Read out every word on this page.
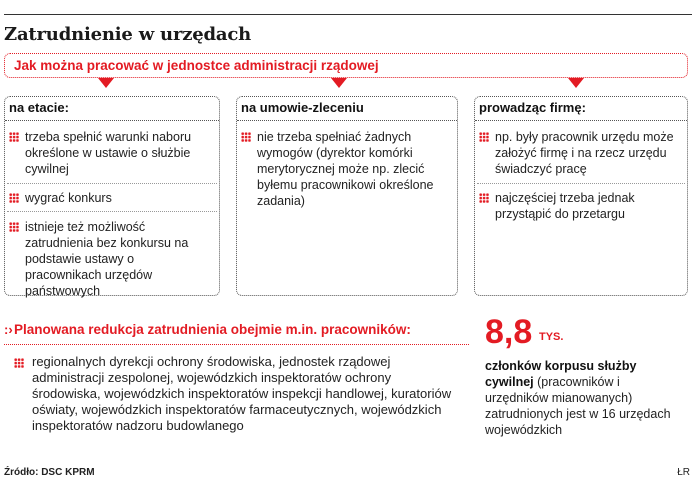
Zatrudnienie w urzędach
Jak można pracować w jednostce administracji rządowej
na etacie:
trzeba spełnić warunki naboru określone w ustawie o służbie cywilnej
wygrać konkurs
istnieje też możliwość zatrudnienia bez konkursu na podstawie ustawy o pracownikach urzędów państwowych
na umowie-zleceniu
nie trzeba spełniać żadnych wymogów (dyrektor komórki merytorycznej może np. zlecić byłemu pracownikowi określone zadania)
prowadząc firmę:
np. były pracownik urzędu może założyć firmę i na rzecz urzędu świadczyć pracę
najczęściej trzeba jednak przystąpić do przetargu
:› Planowana redukcja zatrudnienia obejmie m.in. pracowników:
regionalnych dyrekcji ochrony środowiska, jednostek rządowej administracji zespolonej, wojewódzkich inspektoratów ochrony środowiska, wojewódzkich inspektoratów inspekcji handlowej, kuratoriów oświaty, wojewódzkich inspektoratów farmaceutycznych, wojewódzkich inspektoratów nadzoru budowlanego
8,8 TYS.
członków korpusu służby cywilnej (pracowników i urzędników mianowanych) zatrudnionych jest w 16 urzędach wojewódzkich
Źródło: DSC KPRM	ŁR
